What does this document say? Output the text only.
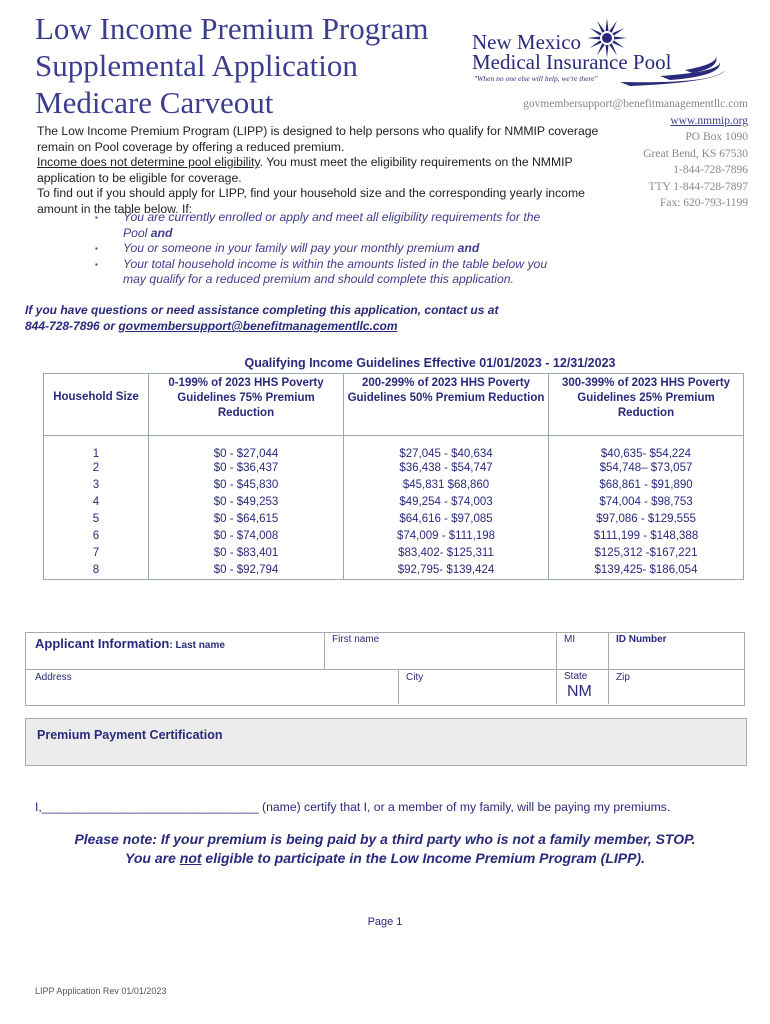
Low Income Premium Program
Supplemental Application
Medicare Carveout
New Mexico
Medical Insurance Pool
"When no one else will help, we're there"
govmembersupport@benefitmanagementllc.com
www.nmmip.org
PO Box 1090
Great Bend, KS 67530
1-844-728-7896
TTY 1-844-728-7897
Fax: 620-793-1199
The Low Income Premium Program (LIPP) is designed to help persons who qualify for NMMIP coverage remain on Pool coverage by offering a reduced premium.
Income does not determine pool eligibility. You must meet the eligibility requirements on the NMMIP application to be eligible for coverage.
To find out if you should apply for LIPP, find your household size and the corresponding yearly income amount in the table below. If:
▪ You are currently enrolled or apply and meet all eligibility requirements for the Pool and
▪ You or someone in your family will pay your monthly premium and
▪ Your total household income is within the amounts listed in the table below you may qualify for a reduced premium and should complete this application.
If you have questions or need assistance completing this application, contact us at
844-728-7896 or govmembersupport@benefitmanagementllc.com
Qualifying Income Guidelines Effective 01/01/2023 - 12/31/2023
Household Size	0-199% of 2023 HHS Poverty Guidelines 75% Premium Reduction	200-299% of 2023 HHS Poverty Guidelines 50% Premium Reduction	300-399% of 2023 HHS Poverty Guidelines 25% Premium Reduction
1	$0 - $27,044	$27,045 - $40,634	$40,635- $54,224
2	$0 - $36,437	$36,438 - $54,747	$54,748– $73,057
3	$0 - $45,830	$45,831 $68,860	$68,861 - $91,890
4	$0 - $49,253	$49,254 - $74,003	$74,004 - $98,753
5	$0 - $64,615	$64,616 - $97,085	$97,086 - $129,555
6	$0 - $74,008	$74,009 - $111,198	$111,199 - $148,388
7	$0 - $83,401	$83,402- $125,311	$125,312 -$167,221
8	$0 - $92,794	$92,795- $139,424	$139,425- $186,054
Applicant Information: Last name
First name	MI	ID Number
Address	City	State
NM
Zip
Premium Payment Certification
I,________________________________ (name) certify that I, or a member of my family, will be paying my premiums.
Please note: If your premium is being paid by a third party who is not a family member, STOP.
You are not eligible to participate in the Low Income Premium Program (LIPP).
Page 1
LIPP Application Rev 01/01/2023
